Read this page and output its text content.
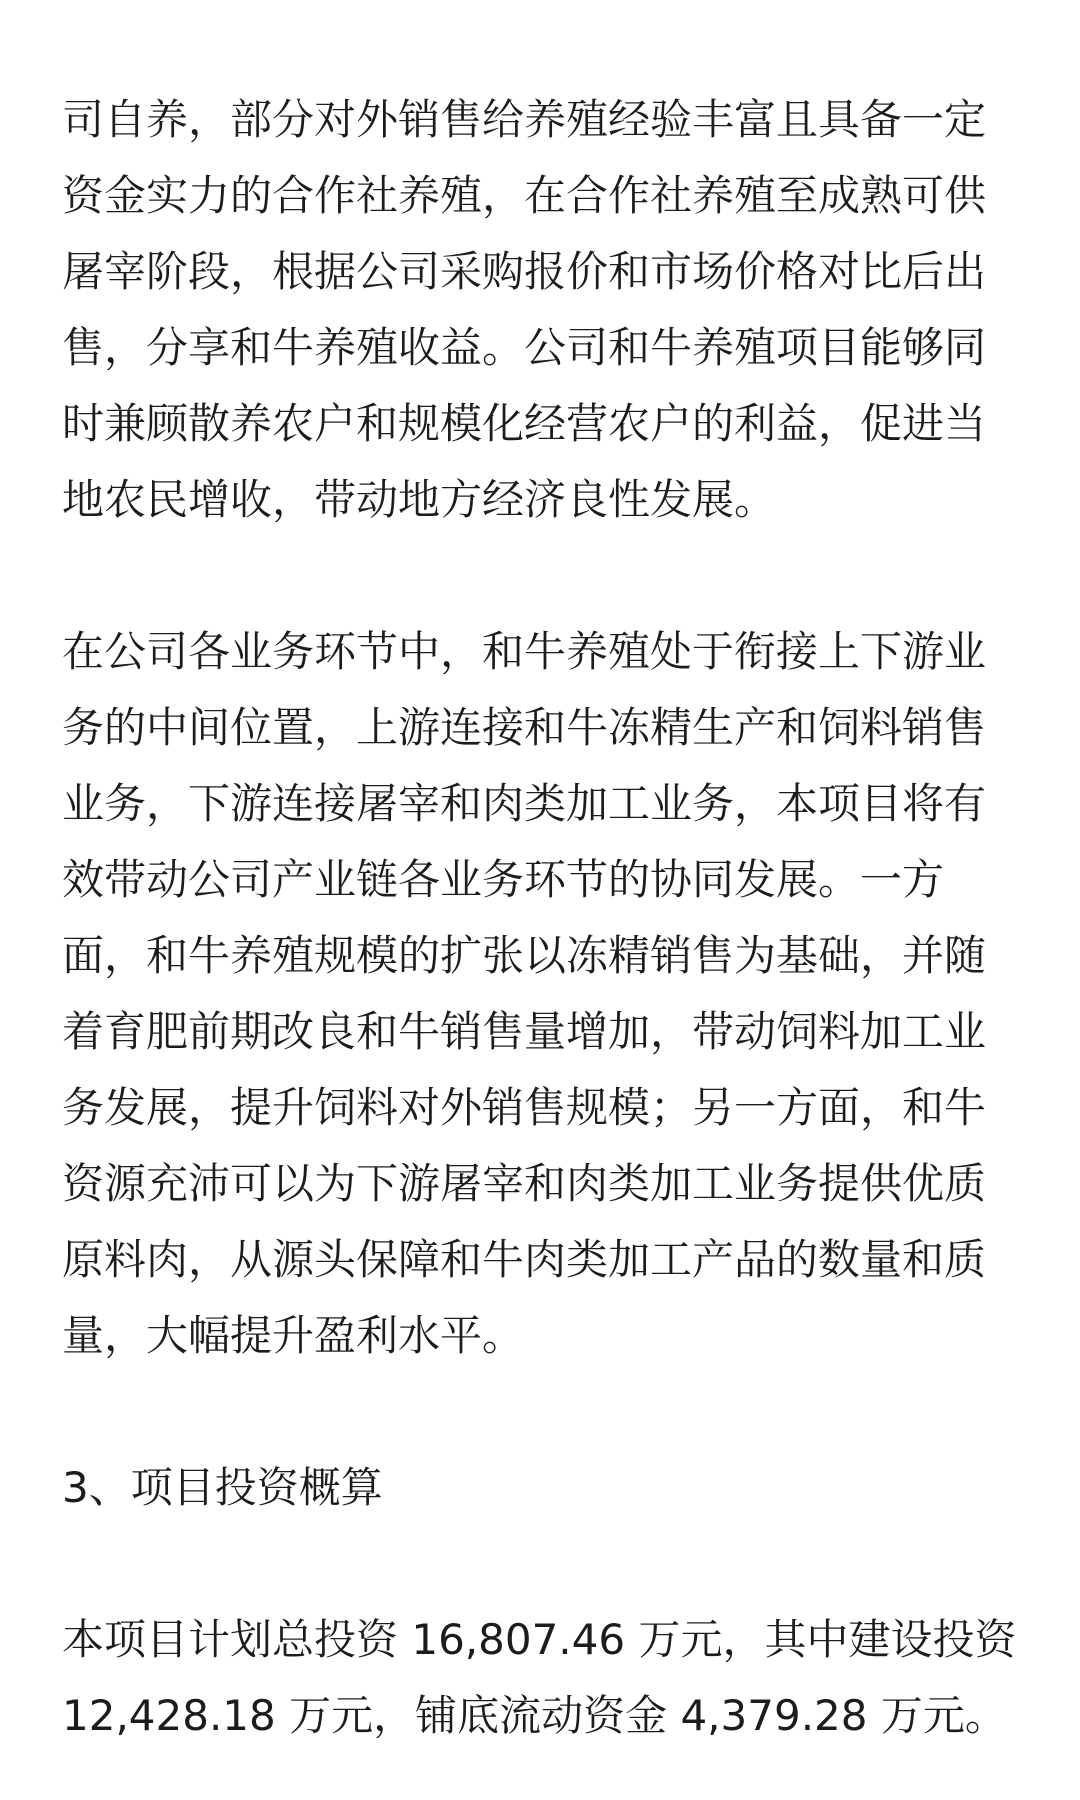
司自养，部分对外销售给养殖经验丰富且具备一定
资金实力的合作社养殖，在合作社养殖至成熟可供
屠宰阶段，根据公司采购报价和市场价格对比后出
售，分享和牛养殖收益。公司和牛养殖项目能够同
时兼顾散养农户和规模化经营农户的利益，促进当
地农民增收，带动地方经济良性发展。

在公司各业务环节中，和牛养殖处于衔接上下游业
务的中间位置，上游连接和牛冻精生产和饲料销售
业务，下游连接屠宰和肉类加工业务，本项目将有
效带动公司产业链各业务环节的协同发展。一方
面，和牛养殖规模的扩张以冻精销售为基础，并随
着育肥前期改良和牛销售量增加，带动饲料加工业
务发展，提升饲料对外销售规模；另一方面，和牛
资源充沛可以为下游屠宰和肉类加工业务提供优质
原料肉，从源头保障和牛肉类加工产品的数量和质
量，大幅提升盈利水平。

3、项目投资概算

本项目计划总投资 16,807.46 万元，其中建设投资
12,428.18 万元，铺底流动资金 4,379.28 万元。
